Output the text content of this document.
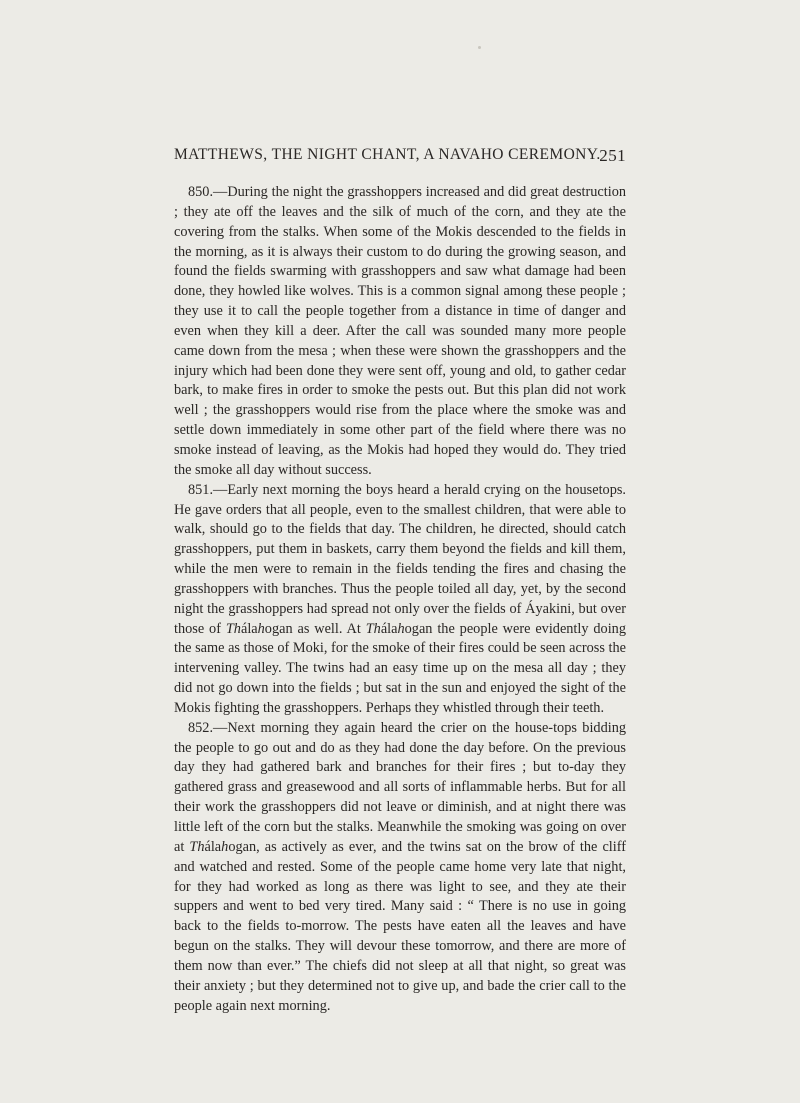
MATTHEWS, THE NIGHT CHANT, A NAVAHO CEREMONY.
251

850.—During the night the grasshoppers increased and did great destruction ; they ate off the leaves and the silk of much of the corn, and they ate the covering from the stalks. When some of the Mokis descended to the fields in the morning, as it is always their custom to do during the growing season, and found the fields swarming with grasshoppers and saw what damage had been done, they howled like wolves. This is a common signal among these people ; they use it to call the people together from a distance in time of danger and even when they kill a deer. After the call was sounded many more people came down from the mesa ; when these were shown the grasshoppers and the injury which had been done they were sent off, young and old, to gather cedar bark, to make fires in order to smoke the pests out. But this plan did not work well ; the grasshoppers would rise from the place where the smoke was and settle down immediately in some other part of the field where there was no smoke instead of leaving, as the Mokis had hoped they would do. They tried the smoke all day without success.

851.—Early next morning the boys heard a herald crying on the housetops. He gave orders that all people, even to the smallest children, that were able to walk, should go to the fields that day. The children, he directed, should catch grasshoppers, put them in baskets, carry them beyond the fields and kill them, while the men were to remain in the fields tending the fires and chasing the grasshoppers with branches. Thus the people toiled all day, yet, by the second night the grasshoppers had spread not only over the fields of Áyakini, but over those of Thálahogan as well. At Thálahogan the people were evidently doing the same as those of Moki, for the smoke of their fires could be seen across the intervening valley. The twins had an easy time up on the mesa all day ; they did not go down into the fields ; but sat in the sun and enjoyed the sight of the Mokis fighting the grasshoppers. Perhaps they whistled through their teeth.

852.—Next morning they again heard the crier on the house-tops bidding the people to go out and do as they had done the day before. On the previous day they had gathered bark and branches for their fires ; but to-day they gathered grass and greasewood and all sorts of inflammable herbs. But for all their work the grasshoppers did not leave or diminish, and at night there was little left of the corn but the stalks. Meanwhile the smoking was going on over at Thálahogan, as actively as ever, and the twins sat on the brow of the cliff and watched and rested. Some of the people came home very late that night, for they had worked as long as there was light to see, and they ate their suppers and went to bed very tired. Many said : “ There is no use in going back to the fields to-morrow. The pests have eaten all the leaves and have begun on the stalks. They will devour these tomorrow, and there are more of them now than ever.” The chiefs did not sleep at all that night, so great was their anxiety ; but they determined not to give up, and bade the crier call to the people again next morning.
